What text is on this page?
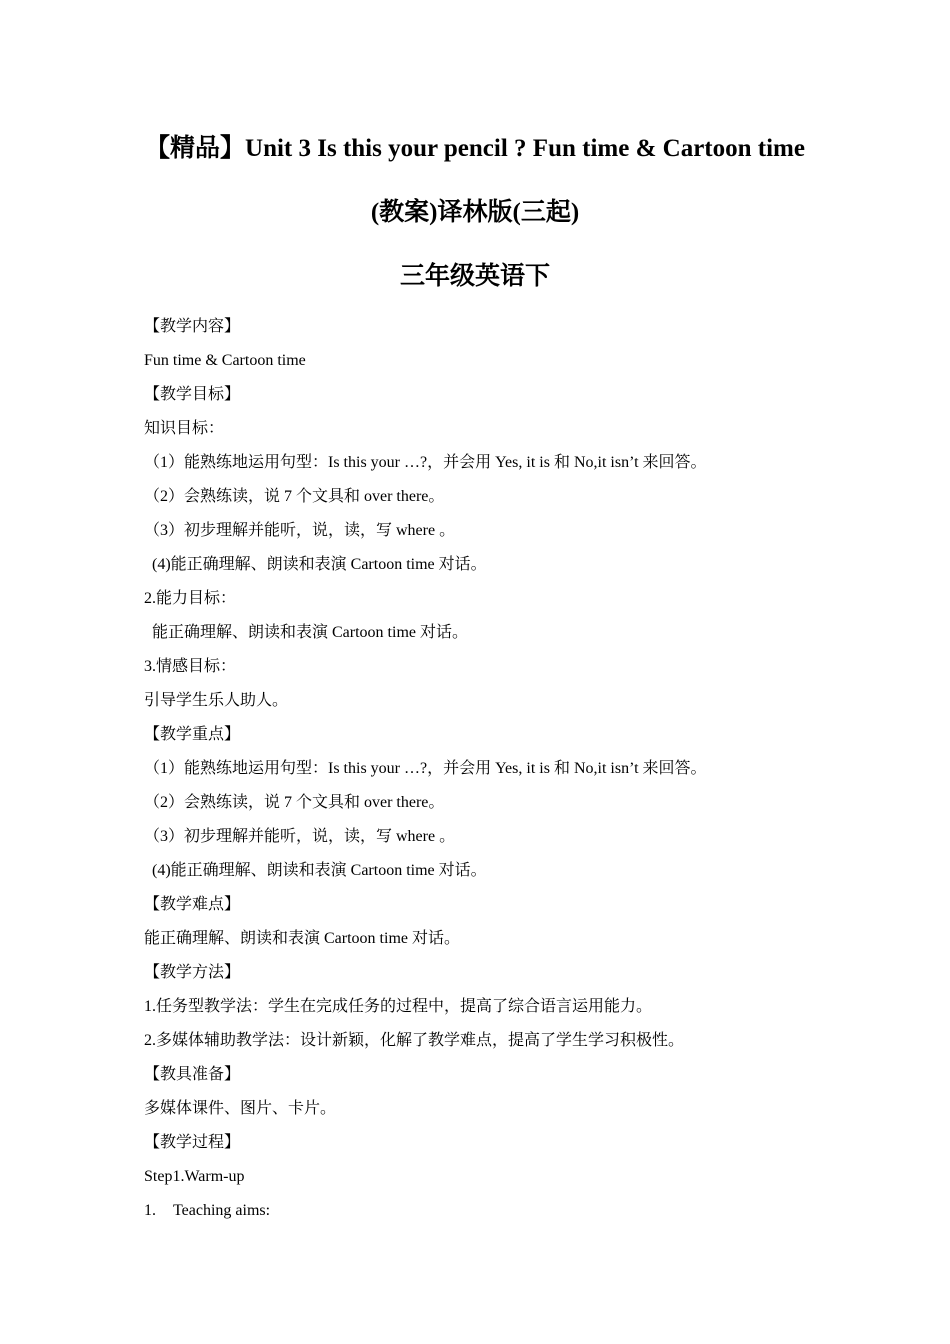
【精品】Unit 3 Is this your pencil ? Fun time & Cartoon time
(教案)译林版(三起)
三年级英语下
【教学内容】
Fun time & Cartoon time
【教学目标】
知识目标：
（1）能熟练地运用句型：Is this your …?，并会用 Yes, it is 和 No,it isn’t 来回答。
（2）会熟练读，说 7 个文具和 over there。
（3）初步理解并能听，说，读，写 where 。
(4)能正确理解、朗读和表演 Cartoon time 对话。
2.能力目标：
能正确理解、朗读和表演 Cartoon time 对话。
3.情感目标：
引导学生乐人助人。
【教学重点】
（1）能熟练地运用句型：Is this your …?，并会用 Yes, it is 和 No,it isn’t 来回答。
（2）会熟练读，说 7 个文具和 over there。
（3）初步理解并能听，说，读，写 where 。
(4)能正确理解、朗读和表演 Cartoon time 对话。
【教学难点】
能正确理解、朗读和表演 Cartoon time 对话。
【教学方法】
1.任务型教学法：学生在完成任务的过程中，提高了综合语言运用能力。
2.多媒体辅助教学法：设计新颖，化解了教学难点，提高了学生学习积极性。
【教具准备】
多媒体课件、图片、卡片。
【教学过程】
Step1.Warm-up
1. Teaching aims:
